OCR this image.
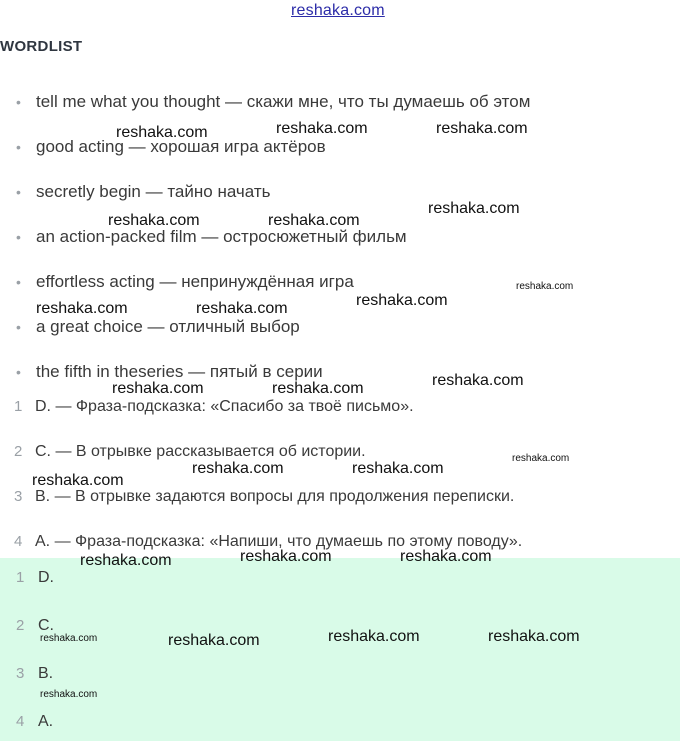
reshaka.com
WORDLIST
• tell me what you thought — скажи мне, что ты думаешь об этом
• good acting — хорошая игра актёров
• secretly begin — тайно начать
• an action-packed film — остросюжетный фильм
• effortless acting — непринуждённая игра
• a great choice — отличный выбор
• the fifth in theseries — пятый в серии
1 D. — Фраза-подсказка: «Спасибо за твоё письмо».
2 C. — В отрывке рассказывается об истории.
3 B. — В отрывке задаются вопросы для продолжения переписки.
4 A. — Фраза-подсказка: «Напиши, что думаешь по этому поводу».
1 D.
2 C.
3 B.
4 A.
reshaka.com	reshaka.com	reshaka.com
reshaka.com	reshaka.com
reshaka.com
reshaka.com
reshaka.com	reshaka.com	reshaka.com
reshaka.com	reshaka.com	reshaka.com
reshaka.com
reshaka.com	reshaka.com
reshaka.com
reshaka.com	reshaka.com	reshaka.com
reshaka.com	reshaka.com	reshaka.com	reshaka.com
reshaka.com
